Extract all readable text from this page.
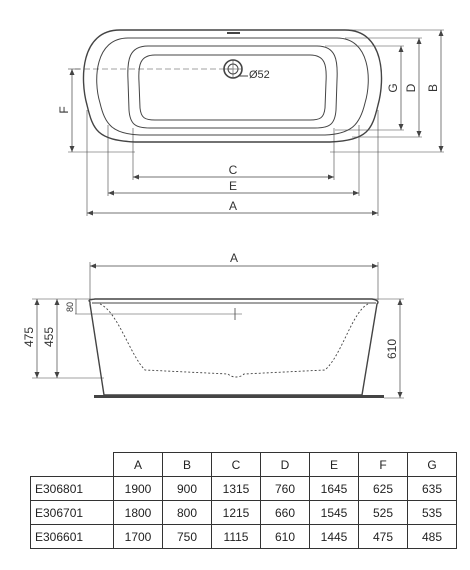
Ø52
C
E
A
G D B
F
A
80
455
475
610
	A	B	C	D	E	F	G
E306801	1900	900	1315	760	1645	625	635
E306701	1800	800	1215	660	1545	525	535
E306601	1700	750	1115	610	1445	475	485
